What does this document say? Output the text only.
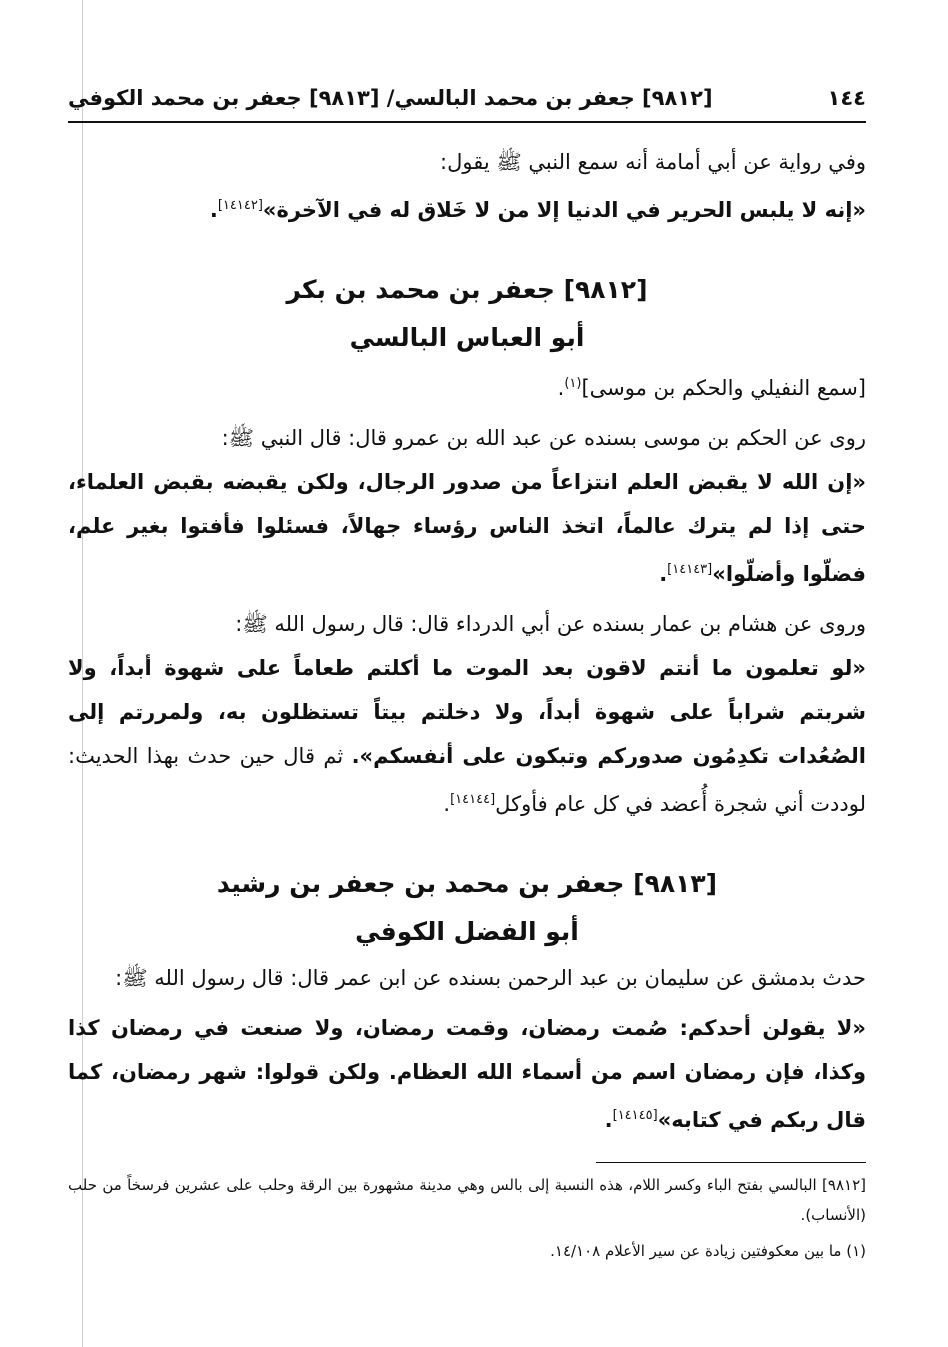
١٤٤
[٩٨١٢] جعفر بن محمد البالسي/ [٩٨١٣] جعفر بن محمد الكوفي

وفي رواية عن أبي أمامة أنه سمع النبي ﷺ يقول:

«إنه لا يلبس الحرير في الدنيا إلا من لا خَلاق له في الآخرة»[١٤١٤٢].

[٩٨١٢] جعفر بن محمد بن بكر

أبو العباس البالسي

[سمع النفيلي والحكم بن موسى]$^{(١)}$.

روى عن الحكم بن موسى بسنده عن عبد الله بن عمرو قال: قال النبي ﷺ:

«إن الله لا يقبض العلم انتزاعاً من صدور الرجال، ولكن يقبضه بقبض العلماء، حتى إذا لم يترك عالماً، اتخذ الناس رؤساء جهالاً، فسئلوا فأفتوا بغير علم، فضلّوا وأضلّوا»[١٤١٤٣].

وروى عن هشام بن عمار بسنده عن أبي الدرداء قال: قال رسول الله ﷺ:

«لو تعلمون ما أنتم لاقون بعد الموت ما أكلتم طعاماً على شهوة أبداً، ولا شربتم شراباً على شهوة أبداً، ولا دخلتم بيتاً تستظلون به، ولمررتم إلى الصُعُدات تكدِمُون صدوركم وتبكون على أنفسكم». ثم قال حين حدث بهذا الحديث: لوددت أني شجرة أُعضد في كل عام فأوكل[١٤١٤٤].

[٩٨١٣] جعفر بن محمد بن جعفر بن رشيد

أبو الفضل الكوفي

حدث بدمشق عن سليمان بن عبد الرحمن بسنده عن ابن عمر قال: قال رسول الله ﷺ:

«لا يقولن أحدكم: صُمت رمضان، وقمت رمضان، ولا صنعت في رمضان كذا وكذا، فإن رمضان اسم من أسماء الله العظام. ولكن قولوا: شهر رمضان، كما قال ربكم في كتابه»[١٤١٤٥].

[٩٨١٢] البالسي بفتح الباء وكسر اللام، هذه النسبة إلى بالس وهي مدينة مشهورة بين الرقة وحلب على عشرين فرسخاً من حلب (الأنساب).

(١) ما بين معكوفتين زيادة عن سير الأعلام ١٤/١٠٨.
